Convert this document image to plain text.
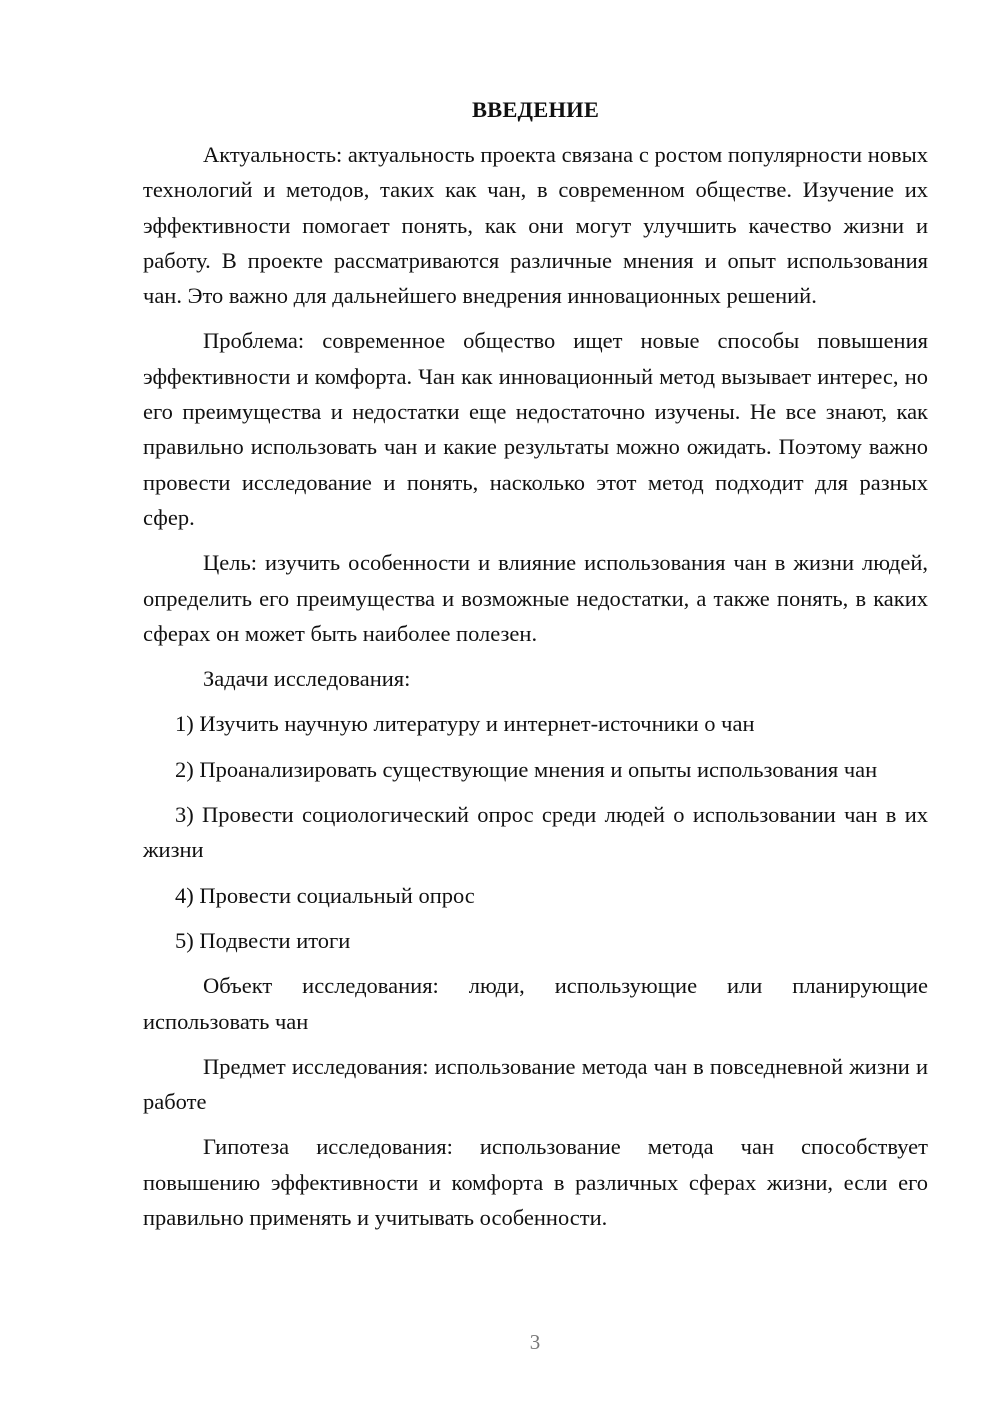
ВВЕДЕНИЕ

Актуальность: актуальность проекта связана с ростом популярности новых технологий и методов, таких как чан, в современном обществе. Изучение их эффективности помогает понять, как они могут улучшить качество жизни и работу. В проекте рассматриваются различные мнения и опыт использования чан. Это важно для дальнейшего внедрения инновационных решений.

Проблема: современное общество ищет новые способы повышения эффективности и комфорта. Чан как инновационный метод вызывает интерес, но его преимущества и недостатки еще недостаточно изучены. Не все знают, как правильно использовать чан и какие результаты можно ожидать. Поэтому важно провести исследование и понять, насколько этот метод подходит для разных сфер.

Цель: изучить особенности и влияние использования чан в жизни людей, определить его преимущества и возможные недостатки, а также понять, в каких сферах он может быть наиболее полезен.

Задачи исследования:

1) Изучить научную литературу и интернет-источники о чан

2) Проанализировать существующие мнения и опыты использования чан

3) Провести социологический опрос среди людей о использовании чан в их жизни

4) Провести социальный опрос

5) Подвести итоги

Объект исследования: люди, использующие или планирующие использовать чан

Предмет исследования: использование метода чан в повседневной жизни и работе

Гипотеза исследования: использование метода чан способствует повышению эффективности и комфорта в различных сферах жизни, если его правильно применять и учитывать особенности.

3
